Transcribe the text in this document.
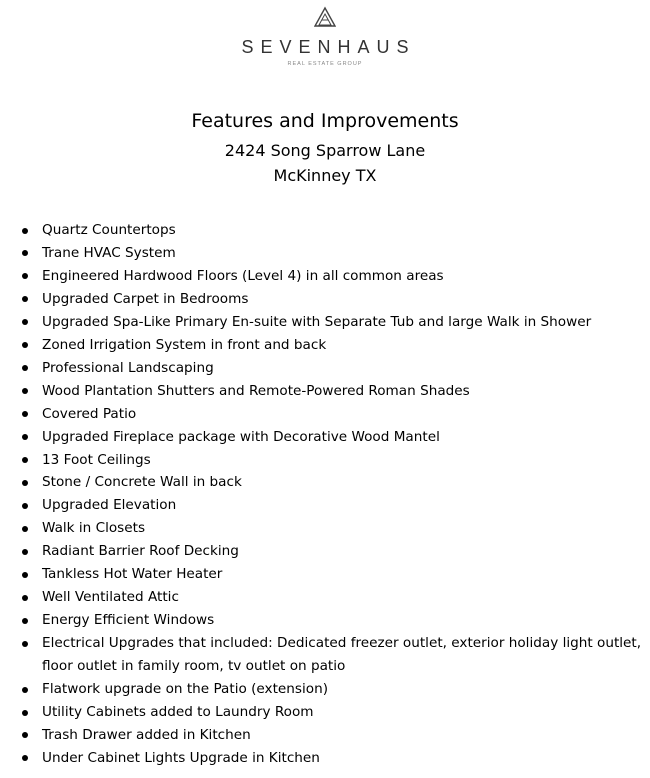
SEVENHAUS
REAL ESTATE GROUP
Features and Improvements
2424 Song Sparrow Lane
McKinney TX
Quartz Countertops
Trane HVAC System
Engineered Hardwood Floors (Level 4) in all common areas
Upgraded Carpet in Bedrooms
Upgraded Spa-Like Primary En-suite with Separate Tub and large Walk in Shower
Zoned Irrigation System in front and back
Professional Landscaping
Wood Plantation Shutters and Remote-Powered Roman Shades
Covered Patio
Upgraded Fireplace package with Decorative Wood Mantel
13 Foot Ceilings
Stone / Concrete Wall in back
Upgraded Elevation
Walk in Closets
Radiant Barrier Roof Decking
Tankless Hot Water Heater
Well Ventilated Attic
Energy Efficient Windows
Electrical Upgrades that included: Dedicated freezer outlet, exterior holiday light outlet, floor outlet in family room, tv outlet on patio
Flatwork upgrade on the Patio (extension)
Utility Cabinets added to Laundry Room
Trash Drawer added in Kitchen
Under Cabinet Lights Upgrade in Kitchen
